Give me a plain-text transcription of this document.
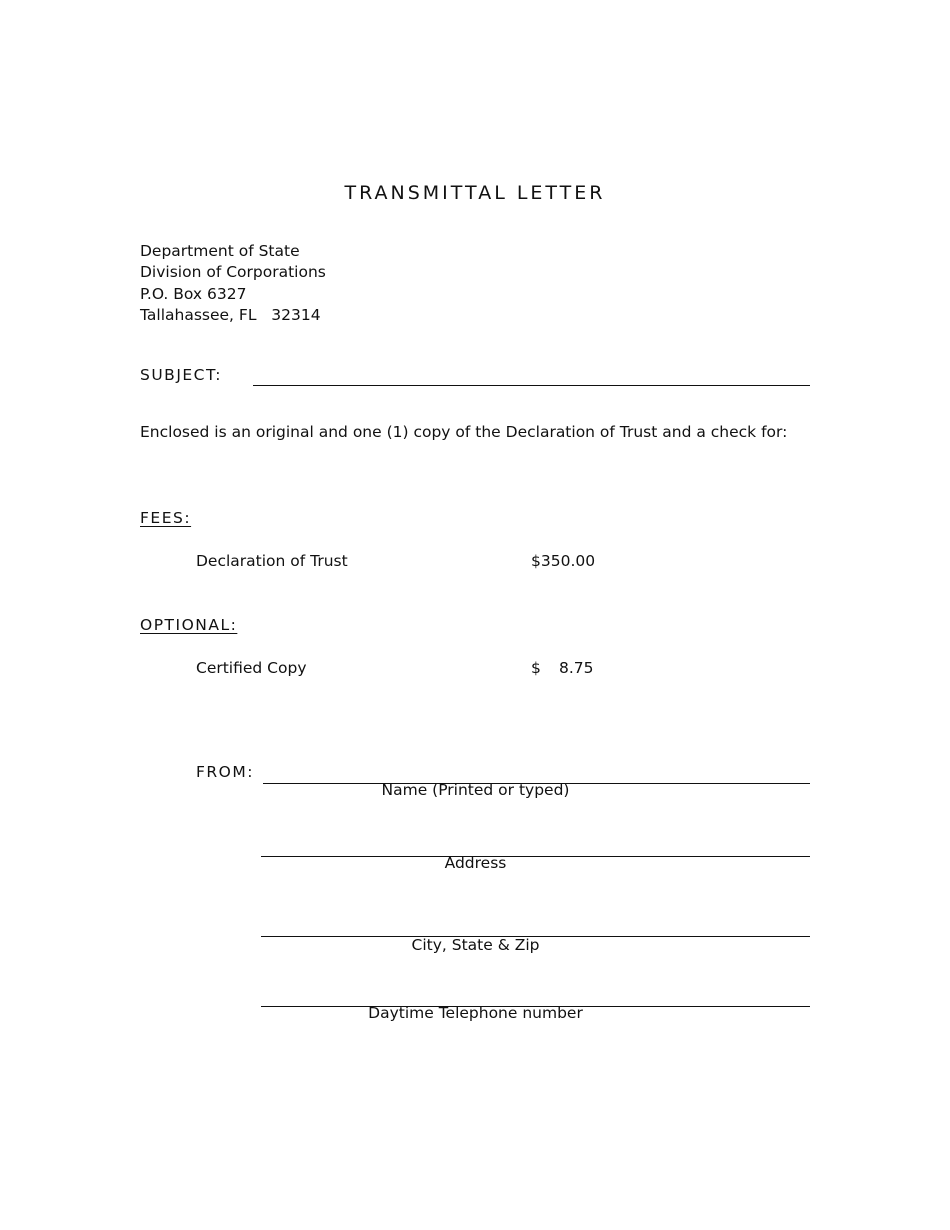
TRANSMITTAL LETTER
Department of State
Division of Corporations
P.O. Box 6327
Tallahassee, FL   32314
SUBJECT:
Enclosed is an original and one (1) copy of the Declaration of Trust and a check for:
FEES:
Declaration of Trust	$350.00
OPTIONAL:
Certified Copy	$ 8.75
FROM:
Name (Printed or typed)
Address
City, State & Zip
Daytime Telephone number
